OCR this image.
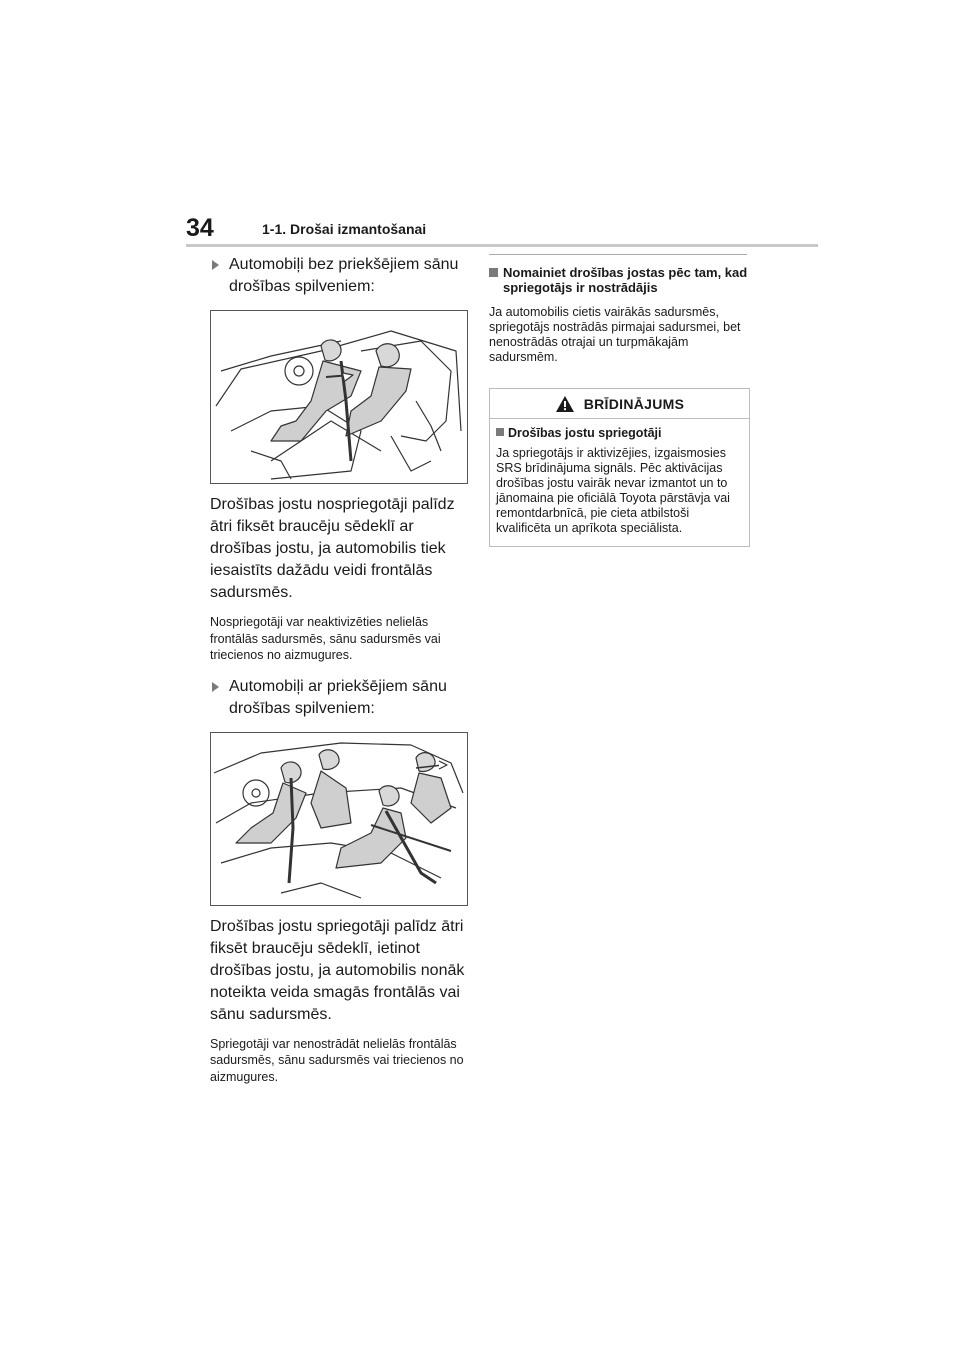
34	1-1. Drošai izmantošanai
Automobiļi bez priekšējiem sānu drošības spilveniem:

Drošības jostu nospriegotāji palīdz ātri fiksēt braucēju sēdeklī ar drošības jostu, ja automobilis tiek iesaistīts dažādu veidi frontālās sadursmēs.

Nospriegotāji var neaktivizēties nelielās frontālās sadursmēs, sānu sadursmēs vai triecienos no aizmugures.

Automobiļi ar priekšējiem sānu drošības spilveniem:

Drošības jostu spriegotāji palīdz ātri fiksēt braucēju sēdeklī, ietinot drošības jostu, ja automobilis nonāk noteikta veida smagās frontālās vai sānu sadursmēs.

Spriegotāji var nenostrādāt nelielās frontālās sadursmēs, sānu sadursmēs vai triecienos no aizmugures.

Nomainiet drošības jostas pēc tam, kad spriegotājs ir nostrādājis

Ja automobilis cietis vairākās sadursmēs, spriegotājs nostrādās pirmajai sadursmei, bet nenostrādās otrajai un turpmākajām sadursmēm.

BRĪDINĀJUMS
Drošības jostu spriegotāji

Ja spriegotājs ir aktivizējies, izgaismosies SRS brīdinājuma signāls. Pēc aktivācijas drošības jostu vairāk nevar izmantot un to jānomaina pie oficiālā Toyota pārstāvja vai remontdarbnīcā, pie cieta atbilstoši kvalificēta un aprīkota speciālista.
